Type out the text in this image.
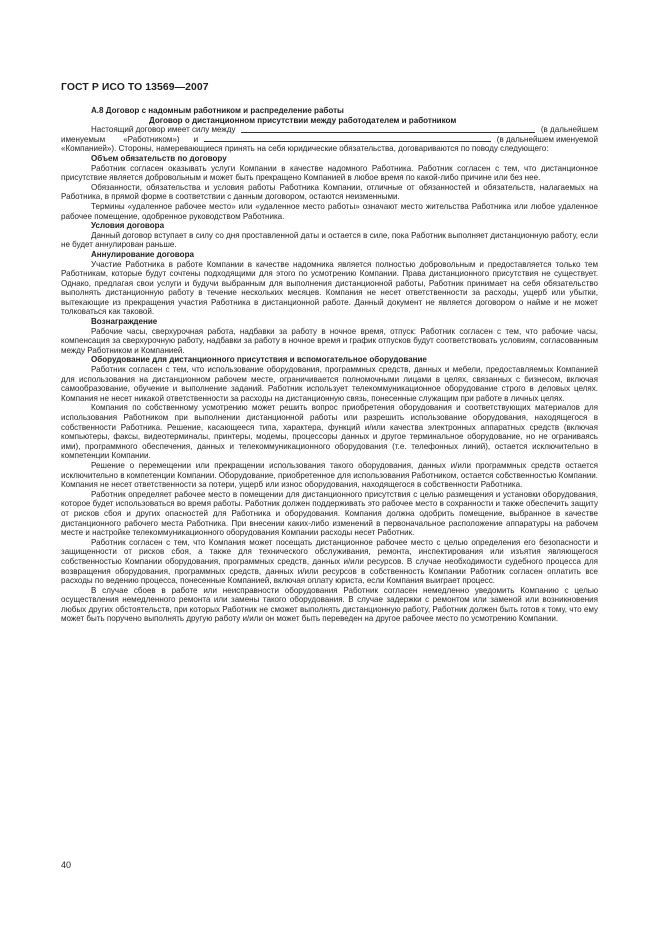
ГОСТ Р ИСО ТО 13569—2007
А.8 Договор с надомным работником и распределение работы
Договор о дистанционном присутствии между работодателем и работником
Настоящий договор имеет силу между	(в дальнейшем
именуемым «Работником») и	(в дальнейшем именуемой

«Компанией»). Стороны, намеревающиеся принять на себя юридические обязательства, договариваются по поводу следующего:

Объем обязательств по договору

Работник согласен оказывать услуги Компании в качестве надомного Работника. Работник согласен с тем, что дистанционное присутствие является добровольным и может быть прекращено Компанией в любое время по какой-либо причине или без нее.

Обязанности, обязательства и условия работы Работника Компании, отличные от обязанностей и обязательств, налагаемых на Работника, в прямой форме в соответствии с данным договором, остаются неизменными.

Термины «удаленное рабочее место» или «удаленное место работы» означают место жительства Работника или любое удаленное рабочее помещение, одобренное руководством Работника.

Условия договора

Данный договор вступает в силу со дня проставленной даты и остается в силе, пока Работник выполняет дистанционную работу, если не будет аннулирован раньше.

Аннулирование договора

Участие Работника в работе Компании в качестве надомника является полностью добровольным и предоставляется только тем Работникам, которые будут сочтены подходящими для этого по усмотрению Компании. Права дистанционного присутствия не существует. Однако, предлагая свои услуги и будучи выбранным для выполнения дистанционной работы, Работник принимает на себя обязательство выполнять дистанционную работу в течение нескольких месяцев. Компания не несет ответственности за расходы, ущерб или убытки, вытекающие из прекращения участия Работника в дистанционной работе. Данный документ не является договором о найме и не может толковаться как таковой.

Вознаграждение

Рабочие часы, сверхурочная работа, надбавки за работу в ночное время, отпуск: Работник согласен с тем, что рабочие часы, компенсация за сверхурочную работу, надбавки за работу в ночное время и график отпусков будут соответствовать условиям, согласованным между Работником и Компанией.

Оборудование для дистанционного присутствия и вспомогательное оборудование

Работник согласен с тем, что использование оборудования, программных средств, данных и мебели, предоставляемых Компанией для использования на дистанционном рабочем месте, ограничивается полномочными лицами в целях, связанных с бизнесом, включая самообразование, обучение и выполнение заданий. Работник использует телекоммуникационное оборудование строго в деловых целях. Компания не несет никакой ответственности за расходы на дистанционную связь, понесенные служащим при работе в личных целях.

Компания по собственному усмотрению может решить вопрос приобретения оборудования и соответствующих материалов для использования Работником при выполнении дистанционной работы или разрешить использование оборудования, находящегося в собственности Работника. Решение, касающееся типа, характера, функций и/или качества электронных аппаратных средств (включая компьютеры, факсы, видеотерминалы, принтеры, модемы, процессоры данных и другое терминальное оборудование, но не ограниваясь ими), программного обеспечения, данных и телекоммуникационного оборудования (т.е. телефонных линий), остается исключительно в компетенции Компании.

Решение о перемещении или прекращении использования такого оборудования, данных и/или программных средств остается исключительно в компетенции Компании. Оборудование, приобретенное для использования Работником, остается собственностью Компании. Компания не несет ответственности за потери, ущерб или износ оборудования, находящегося в собственности Работника.

Работник определяет рабочее место в помещении для дистанционного присутствия с целью размещения и установки оборудования, которое будет использоваться во время работы. Работник должен поддерживать это рабочее место в сохранности и также обеспечить защиту от рисков сбоя и других опасностей для Работника и оборудования. Компания должна одобрить помещение, выбранное в качестве дистанционного рабочего места Работника. При внесении каких-либо изменений в первоначальное расположение аппаратуры на рабочем месте и настройке телекоммуникационного оборудования Компании расходы несет Работник.

Работник согласен с тем, что Компания может посещать дистанционное рабочее место с целью определения его безопасности и защищенности от рисков сбоя, а также для технического обслуживания, ремонта, инспектирования или изъятия являющегося собственностью Компании оборудования, программных средств, данных и/или ресурсов. В случае необходимости судебного процесса для возвращения оборудования, программных средств, данных и/или ресурсов в собственность Компании Работник согласен оплатить все расходы по ведению процесса, понесенные Компанией, включая оплату юриста, если Компания выиграет процесс.

В случае сбоев в работе или неисправности оборудования Работник согласен немедленно уведомить Компанию с целью осуществления немедленного ремонта или замены такого оборудования. В случае задержки с ремонтом или заменой или возникновения любых других обстоятельств, при которых Работник не сможет выполнять дистанционную работу, Работник должен быть готов к тому, что ему может быть поручено выполнять другую работу и/или он может быть переведен на другое рабочее место по усмотрению Компании.

40
